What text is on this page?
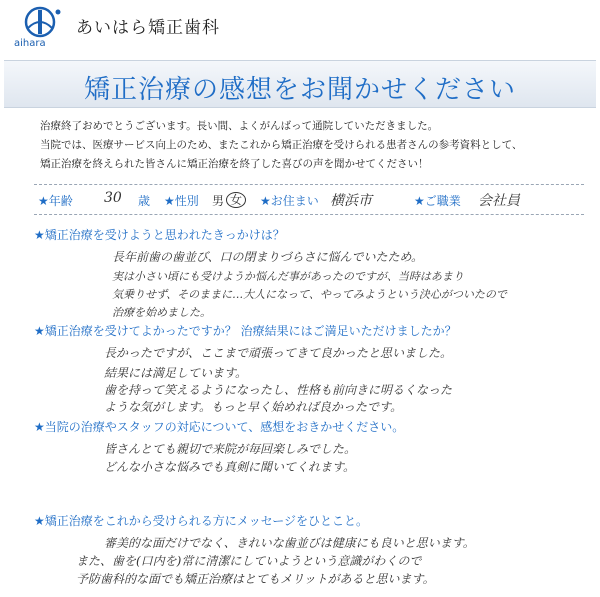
aihara
あいはら矯正歯科
矯正治療の感想をお聞かせください
治療終了おめでとうございます。長い間、よくがんばって通院していただきました。
当院では、医療サービス向上のため、またこれから矯正治療を受けられる患者さんの参考資料として、
矯正治療を終えられた皆さんに矯正治療を終了した喜びの声を聞かせてください！
★年齢 30 歳 ★性別 男 女	★お住まい 横浜市	★ご職業 会社員
★矯正治療を受けようと思われたきっかけは？
長年前歯の歯並び、口の閉まりづらさに悩んでいたため。
実は小さい頃にも受けようか悩んだ事があったのですが、当時はあまり
気乗りせず、そのままに…大人になって、やってみようという決心がついたので
治療を始めました。
★矯正治療を受けてよかったですか？ 治療結果にはご満足いただけましたか？
長かったですが、ここまで頑張ってきて良かったと思いました。
結果には満足しています。
歯を持って笑えるようになったし、性格も前向きに明るくなった
ような気がします。もっと早く始めれば良かったです。
★当院の治療やスタッフの対応について、感想をおきかせください。
皆さんとても親切で来院が毎回楽しみでした。
どんな小さな悩みでも真剣に聞いてくれます。
★矯正治療をこれから受けられる方にメッセージをひとこと。
審美的な面だけでなく、きれいな歯並びは健康にも良いと思います。
また、歯を(口内を)常に清潔にしていようという意識がわくので
予防歯科的な面でも矯正治療はとてもメリットがあると思います。
